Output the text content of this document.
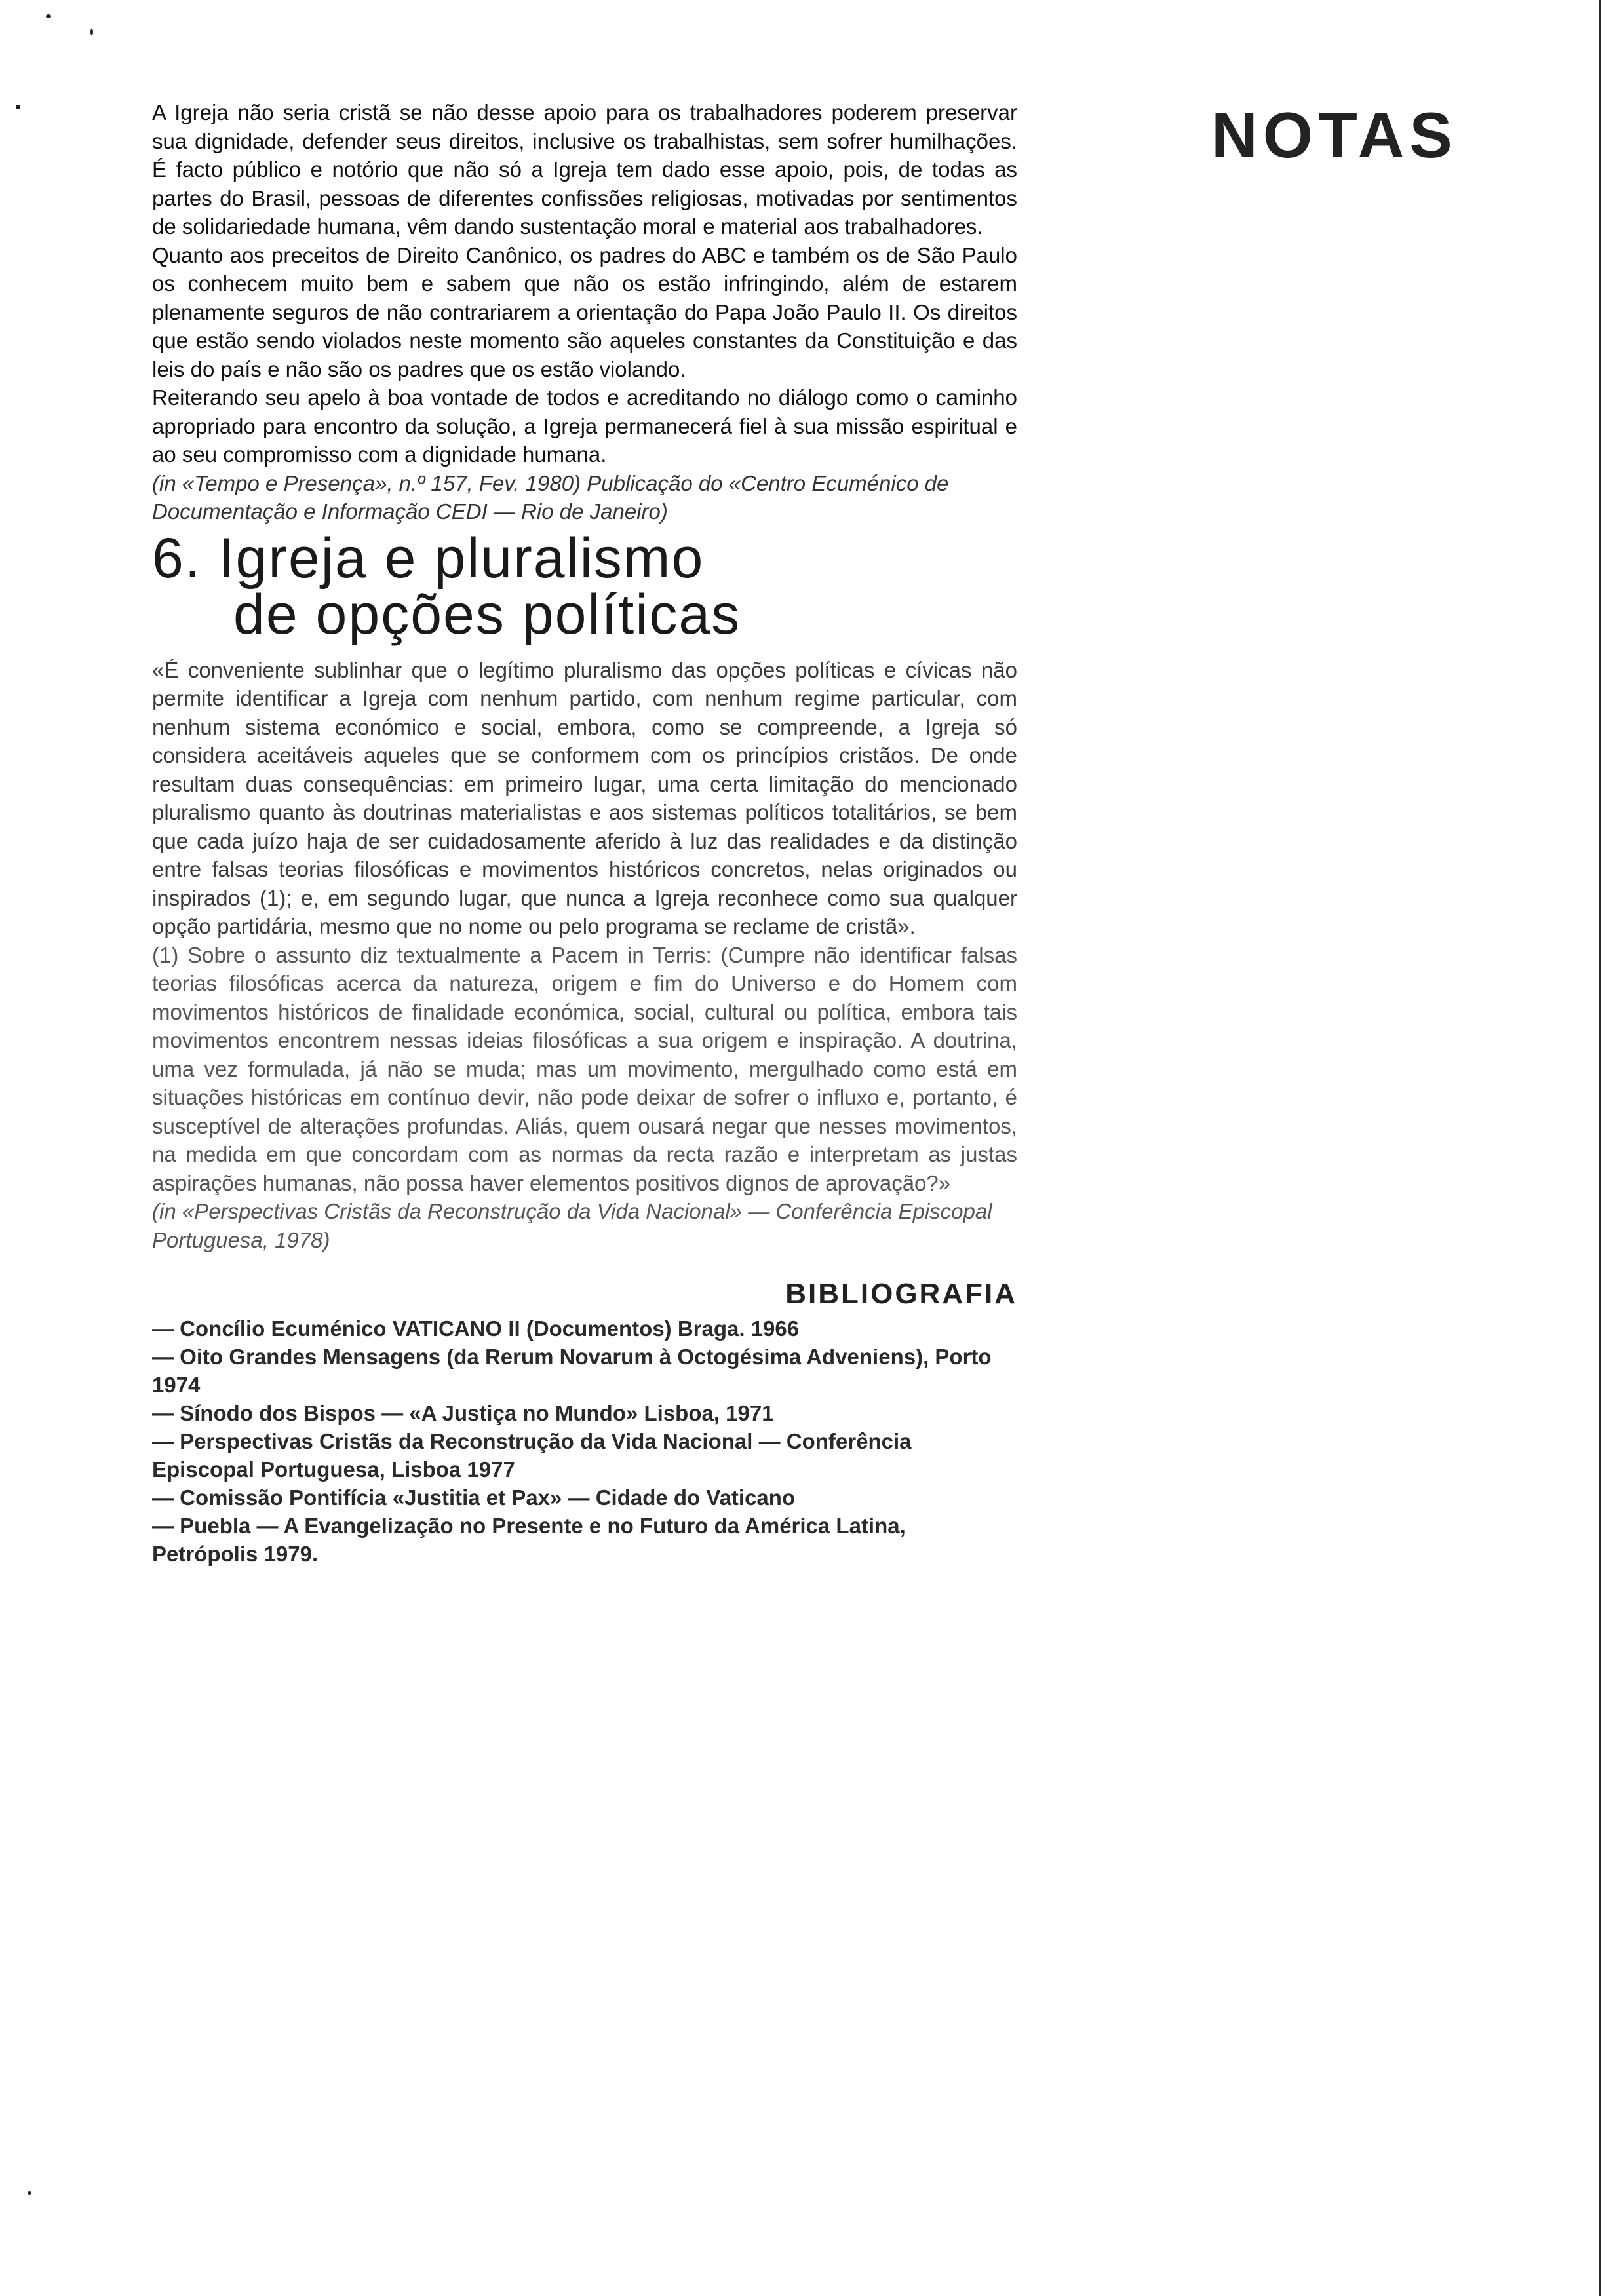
NOTAS

A Igreja não seria cristã se não desse apoio para os trabalhadores poderem preservar sua dignidade, defender seus direitos, inclusive os trabalhistas, sem sofrer humilhações. É facto público e notório que não só a Igreja tem dado esse apoio, pois, de todas as partes do Brasil, pessoas de diferentes confissões religiosas, motivadas por sentimentos de solidariedade humana, vêm dando sustentação moral e material aos trabalhadores.

Quanto aos preceitos de Direito Canônico, os padres do ABC e também os de São Paulo os conhecem muito bem e sabem que não os estão infringindo, além de estarem plenamente seguros de não contrariarem a orientação do Papa João Paulo II. Os direitos que estão sendo violados neste momento são aqueles constantes da Constituição e das leis do país e não são os padres que os estão violando.

Reiterando seu apelo à boa vontade de todos e acreditando no diálogo como o caminho apropriado para encontro da solução, a Igreja permanecerá fiel à sua missão espiritual e ao seu compromisso com a dignidade humana.

(in «Tempo e Presença», n.º 157, Fev. 1980) Publicação do «Centro Ecuménico de Documentação e Informação CEDI — Rio de Janeiro)

6. Igreja e pluralismo
de opções políticas

«É conveniente sublinhar que o legítimo pluralismo das opções políticas e cívicas não permite identificar a Igreja com nenhum partido, com nenhum regime particular, com nenhum sistema económico e social, embora, como se compreende, a Igreja só considera aceitáveis aqueles que se conformem com os princípios cristãos. De onde resultam duas consequências: em primeiro lugar, uma certa limitação do mencionado pluralismo quanto às doutrinas materialistas e aos sistemas políticos totalitários, se bem que cada juízo haja de ser cuidadosamente aferido à luz das realidades e da distinção entre falsas teorias filosóficas e movimentos históricos concretos, nelas originados ou inspirados (1); e, em segundo lugar, que nunca a Igreja reconhece como sua qualquer opção partidária, mesmo que no nome ou pelo programa se reclame de cristã».

(1) Sobre o assunto diz textualmente a Pacem in Terris: (Cumpre não identificar falsas teorias filosóficas acerca da natureza, origem e fim do Universo e do Homem com movimentos históricos de finalidade económica, social, cultural ou política, embora tais movimentos encontrem nessas ideias filosóficas a sua origem e inspiração. A doutrina, uma vez formulada, já não se muda; mas um movimento, mergulhado como está em situações históricas em contínuo devir, não pode deixar de sofrer o influxo e, portanto, é susceptível de alterações profundas. Aliás, quem ousará negar que nesses movimentos, na medida em que concordam com as normas da recta razão e interpretam as justas aspirações humanas, não possa haver elementos positivos dignos de aprovação?»

(in «Perspectivas Cristãs da Reconstrução da Vida Nacional» — Conferência Episcopal Portuguesa, 1978)

BIBLIOGRAFIA
— Concílio Ecuménico VATICANO II (Documentos) Braga. 1966
— Oito Grandes Mensagens (da Rerum Novarum à Octogésima Adveniens), Porto 1974
— Sínodo dos Bispos — «A Justiça no Mundo» Lisboa, 1971
— Perspectivas Cristãs da Reconstrução da Vida Nacional — Conferência Episcopal Portuguesa, Lisboa 1977
— Comissão Pontifícia «Justitia et Pax» — Cidade do Vaticano
— Puebla — A Evangelização no Presente e no Futuro da América Latina, Petrópolis 1979.
